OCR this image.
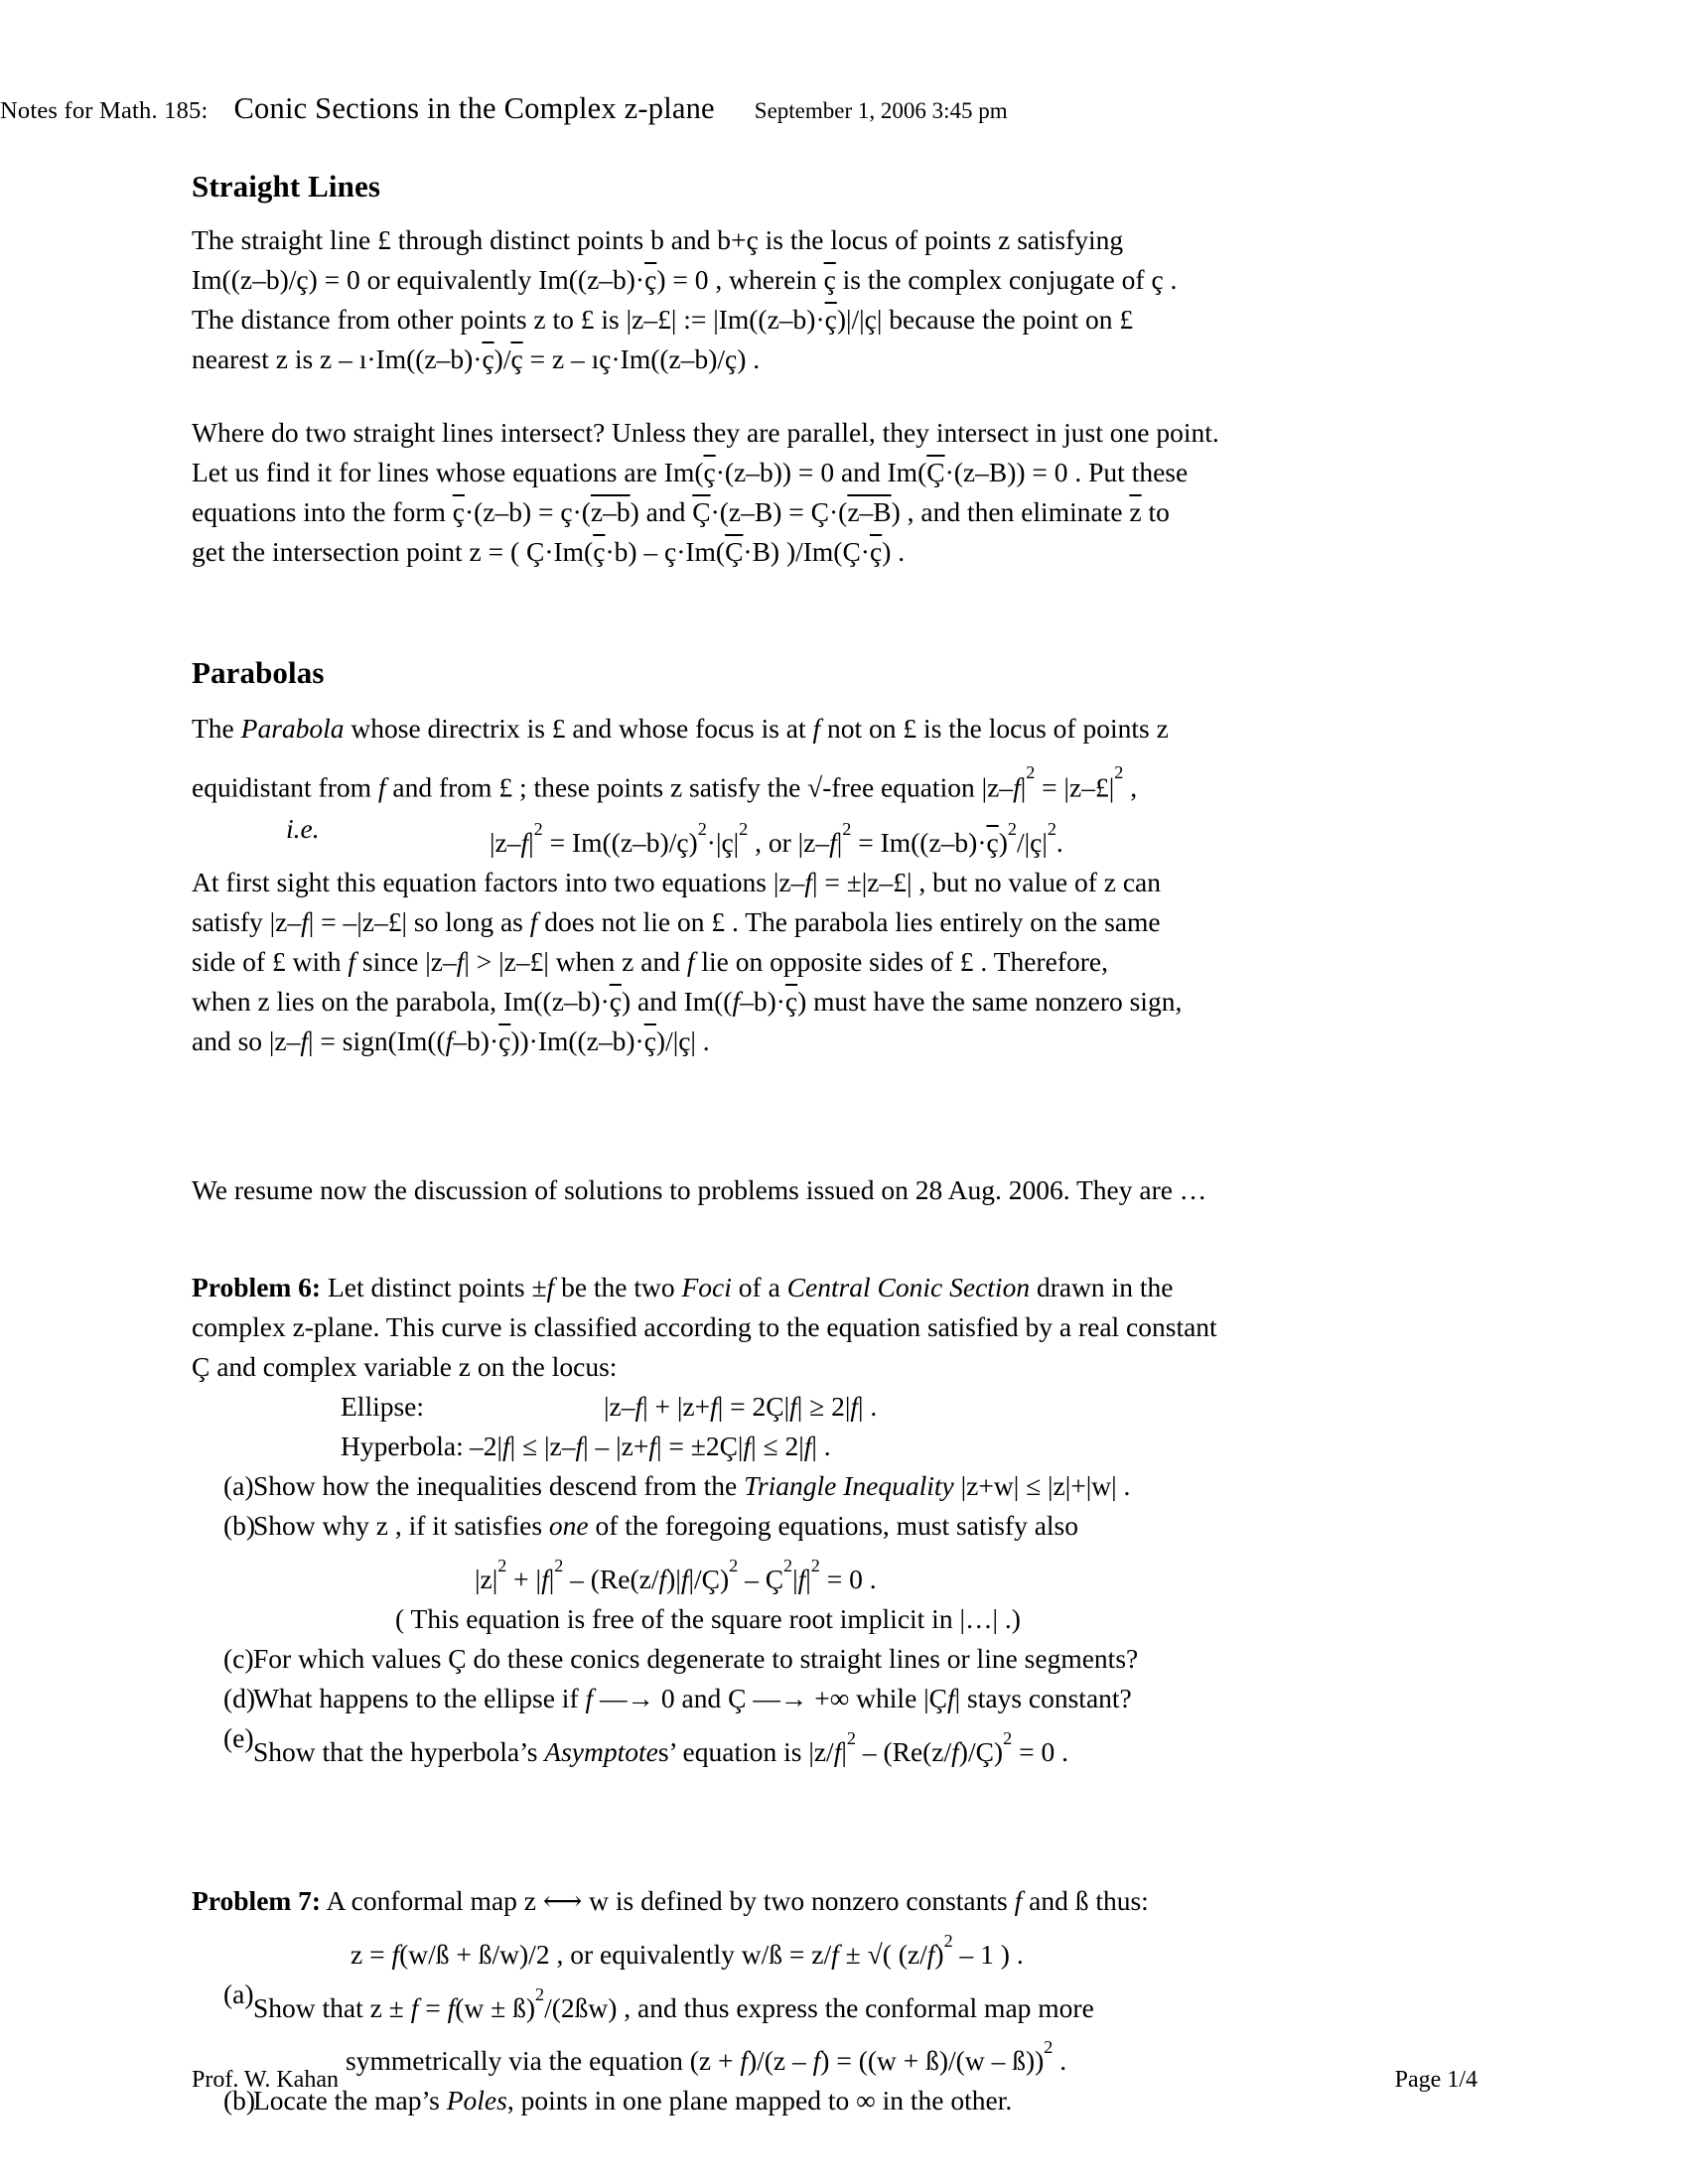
Notes for Math. 185: Conic Sections in the Complex z-plane September 1, 2006 3:45 pm
Straight Lines
The straight line £ through distinct points b and b+ç is the locus of points z satisfying
Im((z–b)/ç) = 0 or equivalently $Im((z-b)\cdot\overline{ç}) = 0$ , wherein $\overline{ç}$ is the complex conjugate of ç .
The distance from other points z to £ is |z–£| := $|Im((z-b)\cdot\overline{ç})|/|ç|$ because the point on £
nearest z is $z - ı\cdot Im((z-b)\cdot\overline{ç})/\overline{ç} = z$ – ıç·Im((z–b)/ç) .
Where do two straight lines intersect? Unless they are parallel, they intersect in just one point.
Let us find it for lines whose equations are $Im(\overline{ç}\cdot(z-b)) = 0$ and $Im(\overline{Ç}\cdot(z-B)) = 0$ . Put these
equations into the form $\overline{ç}\cdot(z-b)$ = ç·(z–b) and $\overline{Ç}\cdot(z-B)$ = Ç·(z–B) , and then eliminate $\overline{z}$ to
get the intersection point z = ( $Ç\cdot Im(\overline{ç}\cdot b)$ – $ç\cdot Im(\overline{Ç}\cdot B)$ )$/Im(Ç\cdot\overline{ç})$ .
Parabolas
The Parabola whose directrix is £ and whose focus is at f not on £ is the locus of points z
equidistant from f and from £ ; these points z satisfy the √-free equation $|z-f|^2$ = $|z-£|^2$ ,
i.e.	$|z-f|^2$ = $Im((z-b)/ç)^2\cdot|ç|^2$ , or $|z-f|^2$ = $Im((z-b)\cdot\overline{ç})^2/|ç|^2$.
At first sight this equation factors into two equations |z–f| = ±|z–£| , but no value of z can
satisfy |z–f| = –|z–£| so long as f does not lie on £ . The parabola lies entirely on the same
side of £ with f since |z–f| > |z–£| when z and f lie on opposite sides of £ . Therefore,
when z lies on the parabola, $Im((z-b)\cdot\overline{ç})$ and $Im((f-b)\cdot\overline{ç})$ must have the same nonzero sign,
and so $|z-f| = sign(Im((f-b)\cdot\overline{ç}))\cdot Im((z-b)\cdot\overline{ç})/|ç|$ .
We resume now the discussion of solutions to problems issued on 28 Aug. 2006. They are …
Problem 6: Let distinct points ±f be the two Foci of a Central Conic Section drawn in the
complex z-plane. This curve is classified according to the equation satisfied by a real constant
Ç and complex variable z on the locus:
Ellipse:	|z–f| + |z+f| = 2Ç|f| ≥ 2|f| .
Hyperbola: –2|f| ≤ |z–f| – |z+f| = ±2Ç|f| ≤ 2|f| .
(a) Show how the inequalities descend from the Triangle Inequality |z+w| ≤ |z|+|w| .
(b)
Show why z , if it satisfies one of the foregoing equations, must satisfy also
$|z|^2 + |f|^2$ – (Re(z/f)|f|/Ç)$^2$ – $Ç^2|f|^2 = 0$ .
( This equation is free of the square root implicit in |…| .)
(c) For which values Ç do these conics degenerate to straight lines or line segments?
(d)
What happens to the ellipse if f —→ 0 and Ç —→ +∞ while |Çf| stays constant?
(e) Show that the hyperbola’s Asymptotes’ equation is $|z/f|^2$ – (Re(z/f)/Ç)$^2$ = 0 .
Problem 7: A conformal map z ⟷ w is defined by two nonzero constants f and ß thus:
z = f(w/ß + ß/w)/2 , or equivalently w/ß = z/f ± √( $(z/f)^2 - 1$ ) .
(a) Show that z ± f = f(w ± ß)$^2$/(2ßw) , and thus express the conformal map more
symmetrically via the equation (z + f)/(z – f) = ((w + ß)/(w – ß))$^2$ .
(b)
Locate the map’s Poles, points in one plane mapped to ∞ in the other.
Prof. W. Kahan	Page 1/4
